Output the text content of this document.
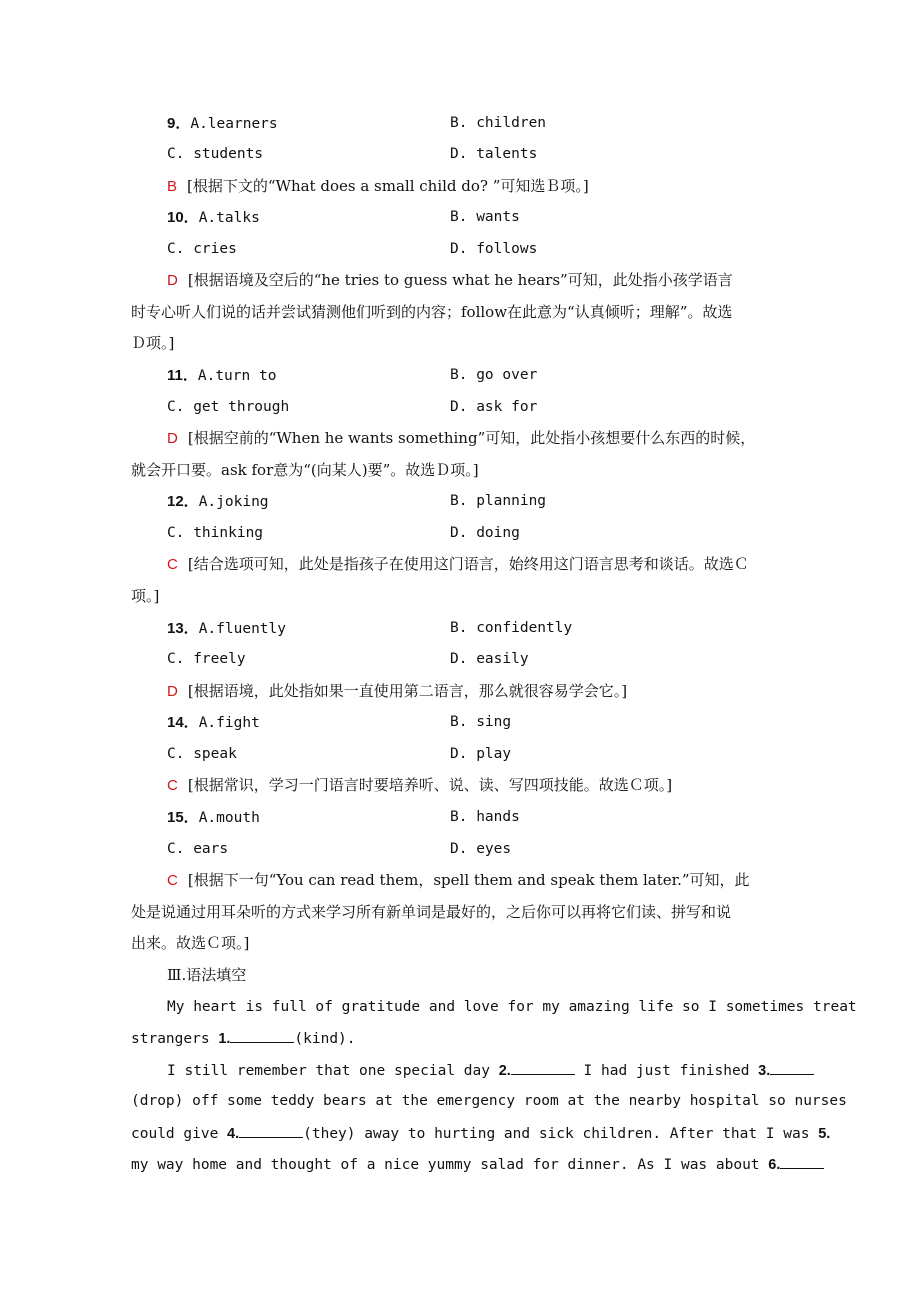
9．A.learners	B. children
C. students	D. talents
B [根据下文的“What does a small child do? ”可知选Ｂ项。]
10．A.talks	B. wants
C. cries	D. follows
D [根据语境及空后的“he tries to guess what he hears”可知，此处指小孩学语言
时专心听人们说的话并尝试猜测他们听到的内容；follow在此意为“认真倾听；理解”。故选
Ｄ项。]
11．A.turn to	B. go over
C. get through	D. ask for
D [根据空前的“When he wants something”可知，此处指小孩想要什么东西的时候，
就会开口要。ask for意为“(向某人)要”。故选Ｄ项。]
12．A.joking	B. planning
C. thinking	D. doing
C [结合选项可知，此处是指孩子在使用这门语言，始终用这门语言思考和谈话。故选Ｃ
项。]
13．A.fluently	B. confidently
C. freely	D. easily
D [根据语境，此处指如果一直使用第二语言，那么就很容易学会它。]
14．A.fight	B. sing
C. speak	D. play
C [根据常识，学习一门语言时要培养听、说、读、写四项技能。故选Ｃ项。]
15．A.mouth	B. hands
C. ears	D. eyes
C [根据下一句“You can read them，spell them and speak them later.”可知，此
处是说通过用耳朵听的方式来学习所有新单词是最好的，之后你可以再将它们读、拼写和说
出来。故选Ｃ项。]
Ⅲ.语法填空
My heart is full of gratitude and love for my amazing life so I sometimes treat
strangers 1.	(kind).
I still remember that one special day 2.	I had just finished 3.
(drop) off some teddy bears at the emergency room at the nearby hospital so nurses
could give 4.	(they) away to hurting and sick children. After that I was 5.
my way home and thought of a nice yummy salad for dinner. As I was about 6.
